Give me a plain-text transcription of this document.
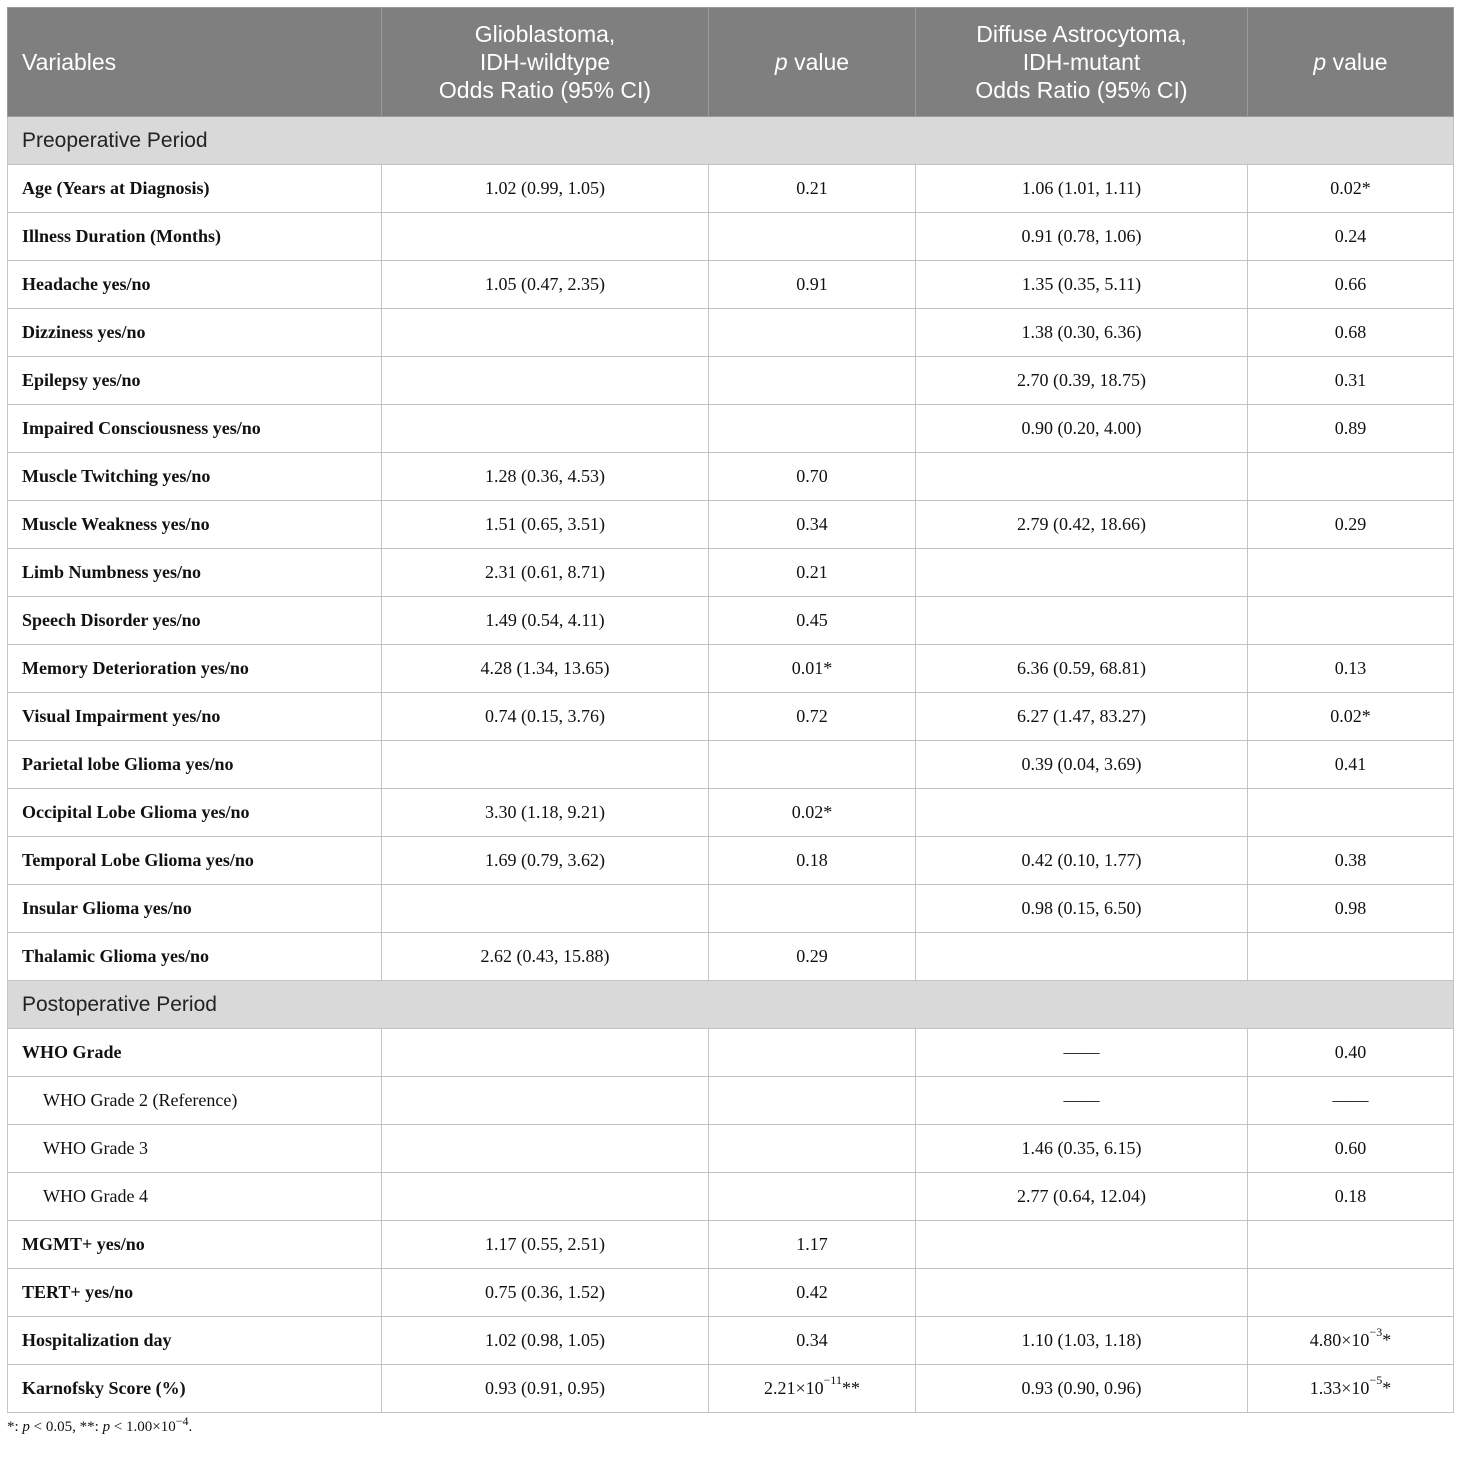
Variables	Glioblastoma,
IDH-wildtype
Odds Ratio (95% CI)	p value	Diffuse Astrocytoma,
IDH-mutant
Odds Ratio (95% CI)	p value
Preoperative Period				
Age (Years at Diagnosis)	1.02 (0.99, 1.05)	0.21	1.06 (1.01, 1.11)	0.02*
Illness Duration (Months)			0.91 (0.78, 1.06)	0.24
Headache yes/no	1.05 (0.47, 2.35)	0.91	1.35 (0.35, 5.11)	0.66
Dizziness yes/no			1.38 (0.30, 6.36)	0.68
Epilepsy yes/no			2.70 (0.39, 18.75)	0.31
Impaired Consciousness yes/no			0.90 (0.20, 4.00)	0.89
Muscle Twitching yes/no	1.28 (0.36, 4.53)	0.70		
Muscle Weakness yes/no	1.51 (0.65, 3.51)	0.34	2.79 (0.42, 18.66)	0.29
Limb Numbness yes/no	2.31 (0.61, 8.71)	0.21		
Speech Disorder yes/no	1.49 (0.54, 4.11)	0.45		
Memory Deterioration yes/no	4.28 (1.34, 13.65)	0.01*	6.36 (0.59, 68.81)	0.13
Visual Impairment yes/no	0.74 (0.15, 3.76)	0.72	6.27 (1.47, 83.27)	0.02*
Parietal lobe Glioma yes/no			0.39 (0.04, 3.69)	0.41
Occipital Lobe Glioma yes/no	3.30 (1.18, 9.21)	0.02*		
Temporal Lobe Glioma yes/no	1.69 (0.79, 3.62)	0.18	0.42 (0.10, 1.77)	0.38
Insular Glioma yes/no			0.98 (0.15, 6.50)	0.98
Thalamic Glioma yes/no	2.62 (0.43, 15.88)	0.29		
Postoperative Period				
WHO Grade			——	0.40
WHO Grade 2 (Reference)			——	——
WHO Grade 3			1.46 (0.35, 6.15)	0.60
WHO Grade 4			2.77 (0.64, 12.04)	0.18
MGMT+ yes/no	1.17 (0.55, 2.51)	1.17		
TERT+ yes/no	0.75 (0.36, 1.52)	0.42		
Hospitalization day	1.02 (0.98, 1.05)	0.34	1.10 (1.03, 1.18)	$4.80\times 10^{-3}*$
Karnofsky Score (%)	0.93 (0.91, 0.95)	$2.21\times 10^{-11}**$	0.93 (0.90, 0.96)	$1.33\times 10^{-5}*$
*: p < 0.05, **: $p < 1.00\times 10^{-4}$.
